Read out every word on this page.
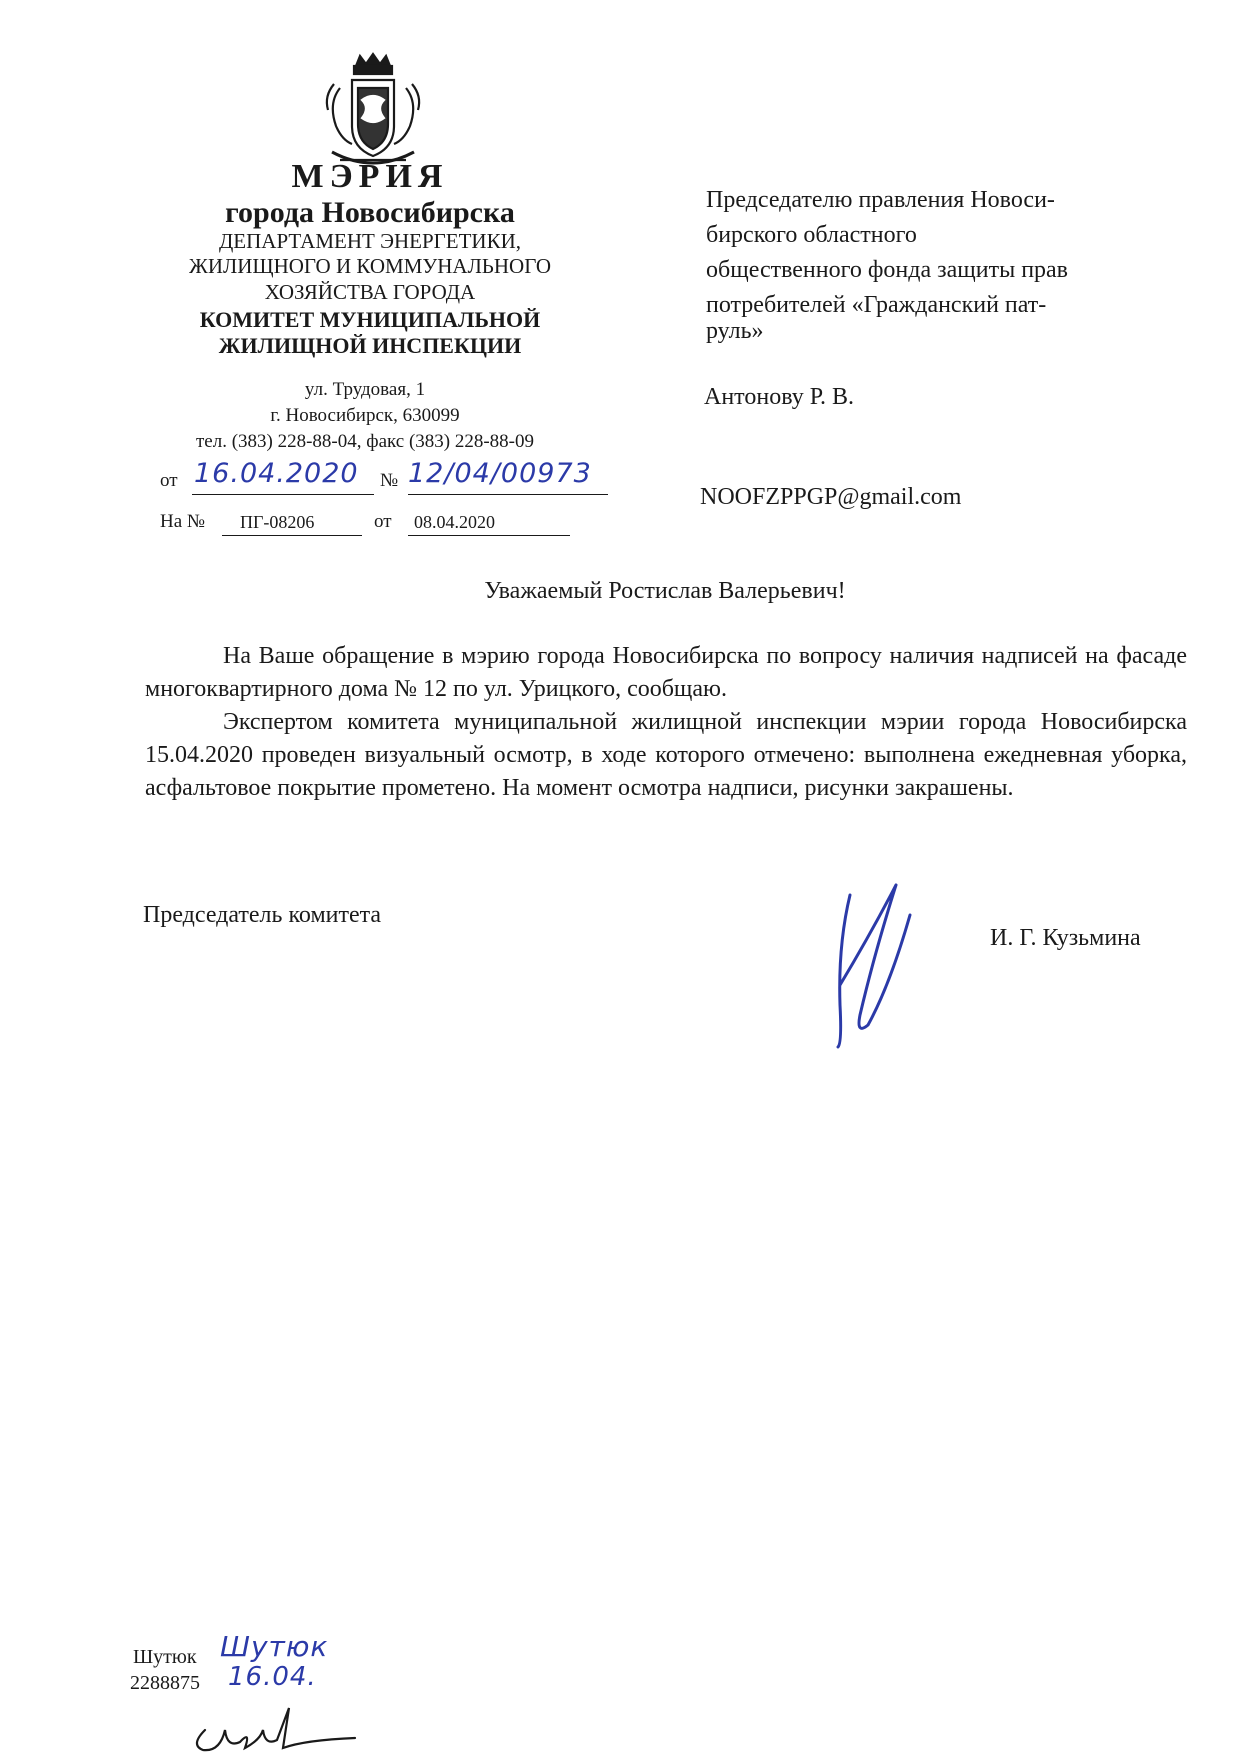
МЭРИЯ
города Новосибирска
ДЕПАРТАМЕНТ ЭНЕРГЕТИКИ,
ЖИЛИЩНОГО И КОММУНАЛЬНОГО
ХОЗЯЙСТВА ГОРОДА
КОМИТЕТ МУНИЦИПАЛЬНОЙ
ЖИЛИЩНОЙ ИНСПЕКЦИИ
ул. Трудовая, 1
г. Новосибирск, 630099
тел. (383) 228-88-04, факс (383) 228-88-09
от 16.04.2020 № 12/04/00973
На № ПГ-08206	от 08.04.2020
Председателю правления Новоси-
бирского областного
общественного фонда защиты прав
потребителей «Гражданский пат-
руль»
Антонову Р. В.
NOOFZPPGP@gmail.com
Уважаемый Ростислав Валерьевич!

На Ваше обращение в мэрию города Новосибирска по вопросу наличия надписей на фасаде многоквартирного дома № 12 по ул. Урицкого, сообщаю.

Экспертом комитета муниципальной жилищной инспекции мэрии города Новосибирска 15.04.2020 проведен визуальный осмотр, в ходе которого отмечено: выполнена ежедневная уборка, асфальтовое покрытие прометено. На момент осмотра надписи, рисунки закрашены.

Председатель комитета
И. Г. Кузьмина
Шутюк
2288875
Шутюк
16.04.
